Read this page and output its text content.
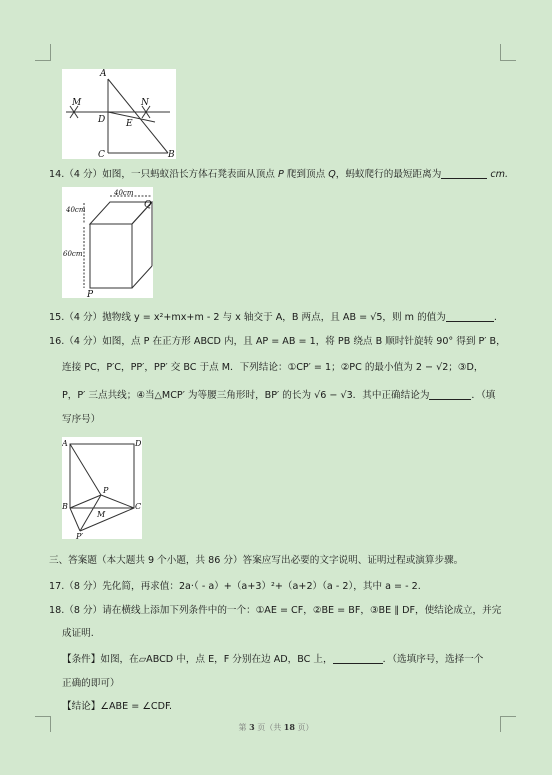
A
M	N
D E
C	B
14.（4 分）如图，一只蚂蚁沿长方体石凳表面从顶点 P 爬到顶点 Q，蚂蚁爬行的最短距离为	cm.
40cm
40cm
60cm
Q
P
15.（4 分）抛物线 y = x²+mx+m - 2 与 x 轴交于 A，B 两点，且 AB = √5，则 m 的值为	.
16.（4 分）如图，点 P 在正方形 ABCD 内，且 AP = AB = 1，将 PB 绕点 B 顺时针旋转 90° 得到 P′ B，
连接 PC，P′C，PP′，PP′ 交 BC 于点 M．下列结论：①CP′ = 1；②PC 的最小值为 2 − √2；③D，
P，P′ 三点共线；④当△MCP′ 为等腰三角形时，BP′ 的长为 √6 − √3．其中正确结论为	．（填
写序号）
A	D
P
B	C
M
P′
三、答案题（本大题共 9 个小题，共 86 分）答案应写出必要的文字说明、证明过程或演算步骤。
17.（8 分）先化简，再求值：2a·（ - a）+（a+3）²+（a+2）（a - 2），其中 a = - 2.
18.（8 分）请在横线上添加下列条件中的一个：①AE = CF，②BE = BF，③BE ∥ DF，使结论成立，并完
成证明.
【条件】如图，在▱ABCD 中，点 E，F 分别在边 AD，BC 上，	．（选填序号，选择一个
正确的即可）
【结论】∠ABE = ∠CDF.
第 3 页（共 18 页）
